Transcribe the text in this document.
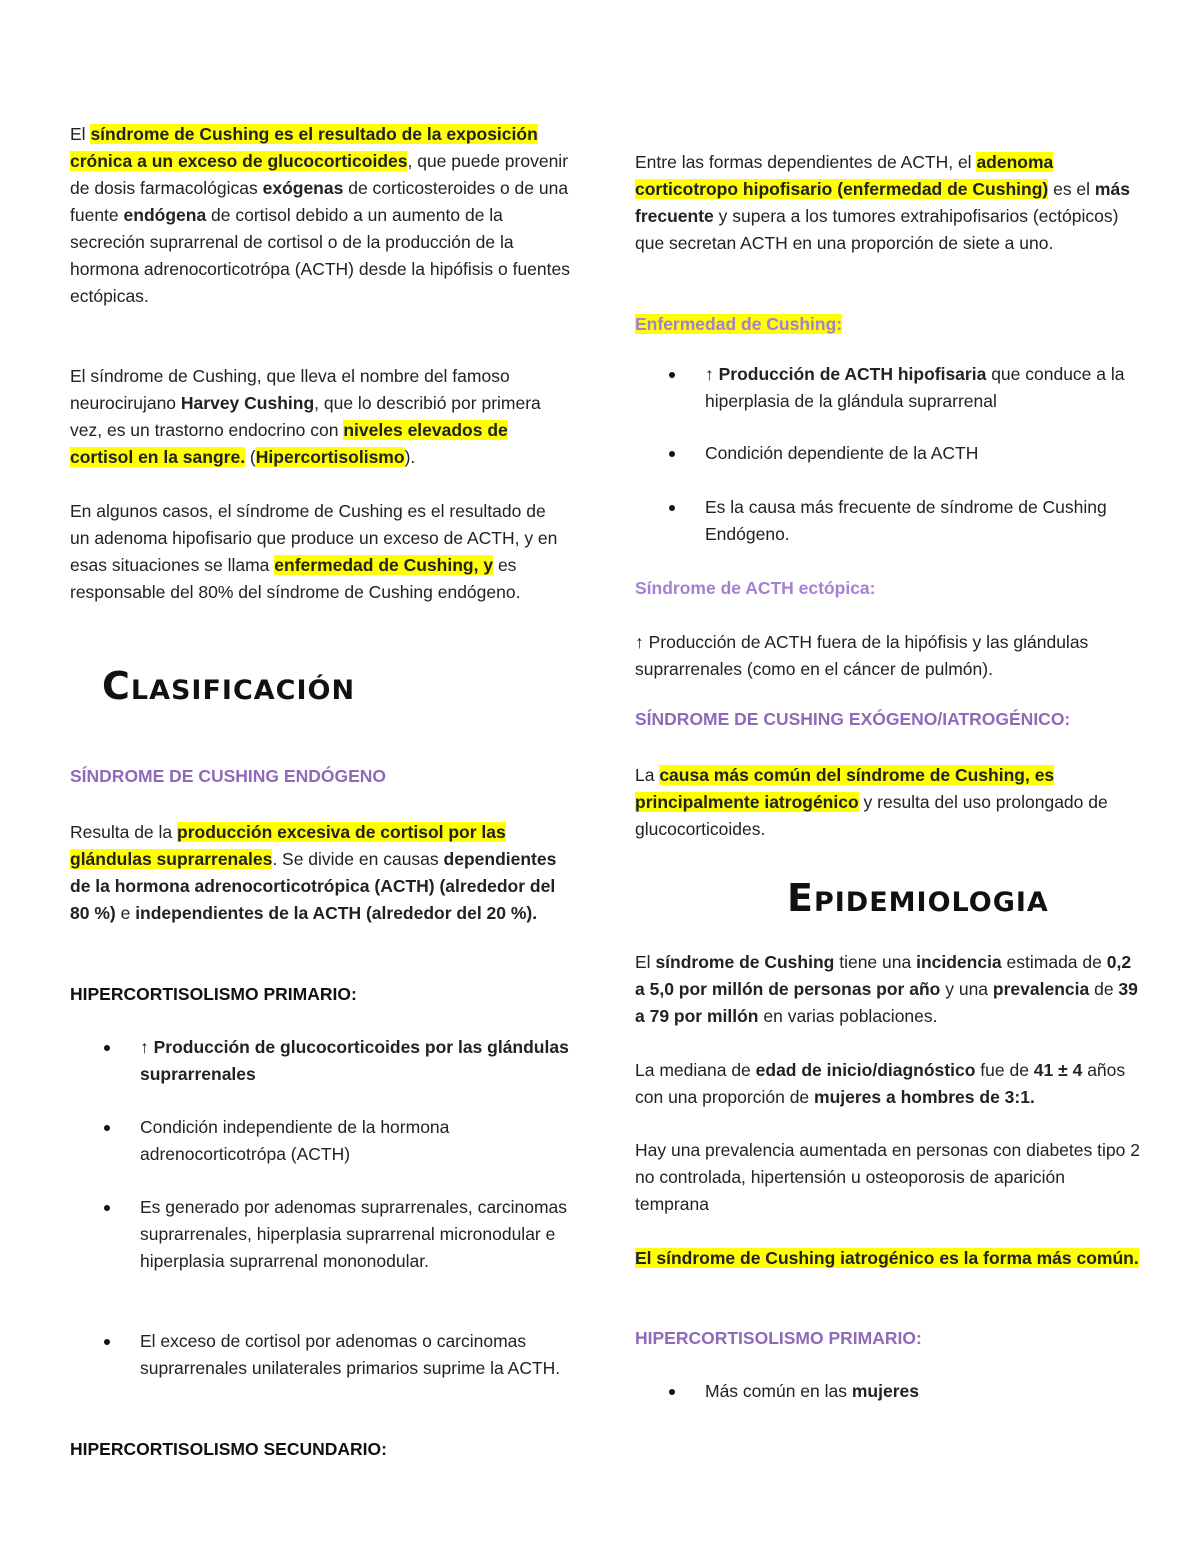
El síndrome de Cushing es el resultado de la exposición crónica a un exceso de glucocorticoides, que puede provenir de dosis farmacológicas exógenas de corticosteroides o de una fuente endógena de cortisol debido a un aumento de la secreción suprarrenal de cortisol o de la producción de la hormona adrenocorticotrópa (ACTH) desde la hipófisis o fuentes ectópicas.

El síndrome de Cushing, que lleva el nombre del famoso neurocirujano Harvey Cushing, que lo describió por primera vez, es un trastorno endocrino con niveles elevados de cortisol en la sangre. (Hipercortisolismo).

En algunos casos, el síndrome de Cushing es el resultado de un adenoma hipofisario que produce un exceso de ACTH, y en esas situaciones se llama enfermedad de Cushing, y es responsable del 80% del síndrome de Cushing endógeno.

Clasificación

SÍNDROME DE CUSHING ENDÓGENO

Resulta de la producción excesiva de cortisol por las glándulas suprarrenales. Se divide en causas dependientes de la hormona adrenocorticotrópica (ACTH) (alrededor del 80 %) e independientes de la ACTH (alrededor del 20 %).

HIPERCORTISOLISMO PRIMARIO:

↑ Producción de glucocorticoides por las glándulas suprarrenales
Condición independiente de la hormona adrenocorticotrópa (ACTH)
Es generado por adenomas suprarrenales, carcinomas suprarrenales, hiperplasia suprarrenal micronodular e hiperplasia suprarrenal mononodular.
El exceso de cortisol por adenomas o carcinomas suprarrenales unilaterales primarios suprime la ACTH.

HIPERCORTISOLISMO SECUNDARIO:

Entre las formas dependientes de ACTH, el adenoma corticotropo hipofisario (enfermedad de Cushing) es el más frecuente y supera a los tumores extrahipofisarios (ectópicos) que secretan ACTH en una proporción de siete a uno.

Enfermedad de Cushing:

↑ Producción de ACTH hipofisaria que conduce a la hiperplasia de la glándula suprarrenal
Condición dependiente de la ACTH
Es la causa más frecuente de síndrome de Cushing Endógeno.

Síndrome de ACTH ectópica:

↑ Producción de ACTH fuera de la hipófisis y las glándulas suprarrenales (como en el cáncer de pulmón).

SÍNDROME DE CUSHING EXÓGENO/IATROGÉNICO:

La causa más común del síndrome de Cushing, es principalmente iatrogénico y resulta del uso prolongado de glucocorticoides.

Epidemiologia

El síndrome de Cushing tiene una incidencia estimada de 0,2 a 5,0 por millón de personas por año y una prevalencia de 39 a 79 por millón en varias poblaciones.

La mediana de edad de inicio/diagnóstico fue de 41 ± 4 años con una proporción de mujeres a hombres de 3:1.

Hay una prevalencia aumentada en personas con diabetes tipo 2 no controlada, hipertensión u osteoporosis de aparición temprana

El síndrome de Cushing iatrogénico es la forma más común.

HIPERCORTISOLISMO PRIMARIO:

Más común en las mujeres
